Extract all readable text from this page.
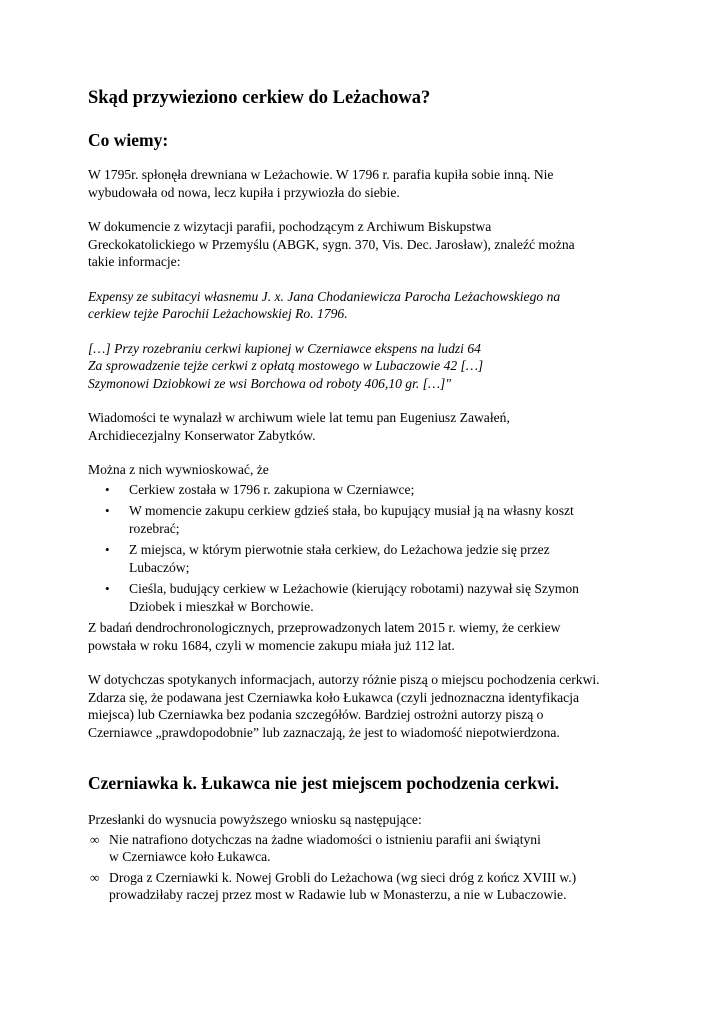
Skąd przywieziono cerkiew do Leżachowa?
Co wiemy:
W 1795r. spłonęła drewniana w Leżachowie. W 1796 r. parafia kupiła sobie inną. Nie
wybudowała od nowa, lecz kupiła i przywiozła do siebie.
W dokumencie z wizytacji parafii, pochodzącym z Archiwum Biskupstwa
Greckokatolickiego w Przemyślu (ABGK, sygn. 370, Vis. Dec. Jarosław), znaleźć można
takie informacje:
Expensy ze subitacyi własnemu J. x. Jana Chodaniewicza Parocha Leżachowskiego na
cerkiew tejże Parochii Leżachowskiej Ro. 1796.
[…] Przy rozebraniu cerkwi kupionej w Czerniawce ekspens na ludzi 64
Za sprowadzenie tejże cerkwi z opłatą mostowego w Lubaczowie 42 […]
Szymonowi Dziobkowi ze wsi Borchowa od roboty 406,10 gr. […]"
Wiadomości te wynalazł w archiwum wiele lat temu pan Eugeniusz Zawałeń,
Archidiecezjalny Konserwator Zabytków.
Można z nich wywnioskować, że
• Cerkiew została w 1796 r. zakupiona w Czerniawce;
• W momencie zakupu cerkiew gdzieś stała, bo kupujący musiał ją na własny koszt
rozebrać;
• Z miejsca, w którym pierwotnie stała cerkiew, do Leżachowa jedzie się przez
Lubaczów;
• Cieśla, budujący cerkiew w Leżachowie (kierujący robotami) nazywał się Szymon
Dziobek i mieszkał w Borchowie.
Z badań dendrochronologicznych, przeprowadzonych latem 2015 r. wiemy, że cerkiew
powstała w roku 1684, czyli w momencie zakupu miała już 112 lat.
W dotychczas spotykanych informacjach, autorzy różnie piszą o miejscu pochodzenia cerkwi.
Zdarza się, że podawana jest Czerniawka koło Łukawca (czyli jednoznaczna identyfikacja
miejsca) lub Czerniawka bez podania szczegółów. Bardziej ostrożni autorzy piszą o
Czerniawce „prawdopodobnie” lub zaznaczają, że jest to wiadomość niepotwierdzona.
Czerniawka k. Łukawca nie jest miejscem pochodzenia cerkwi.
Przesłanki do wysnucia powyższego wniosku są następujące:
∞ Nie natrafiono dotychczas na żadne wiadomości o istnieniu parafii ani świątyni
w Czerniawce koło Łukawca.
∞ Droga z Czerniawki k. Nowej Grobli do Leżachowa (wg sieci dróg z kończ XVIII w.)
prowadziłaby raczej przez most w Radawie lub w Monasterzu, a nie w Lubaczowie.
